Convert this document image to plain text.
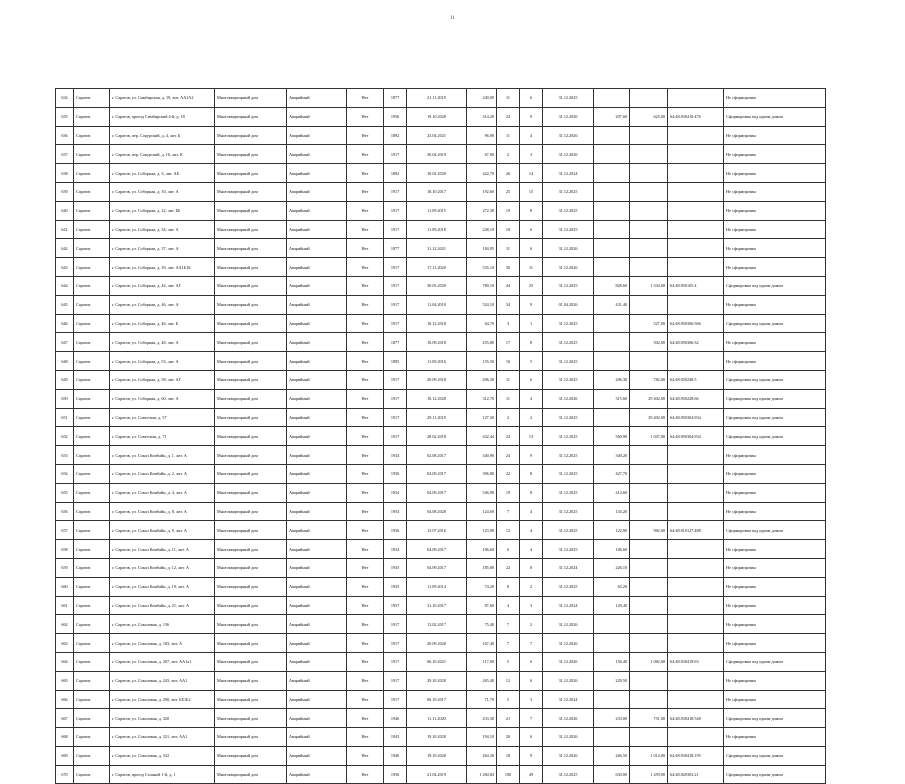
11
634	Саратов	г. Саратов, ул. Симбирская, д. 19, лит. АА1А2	Многоквартирный дом	Аварийный	Нет	1877	21.11.2019	240,00	11	6	31.12.2025				Не сформирован
635	Саратов	г. Саратов, проезд Симбирский 4-й, д. 18	Многоквартирный дом	Аварийный	Нет	1956	19.10.2020	314,20	24	9	31.12.2026	207,60	625,00	64:48:030410:476	Сформирован под одним домом
636	Саратов	г. Саратов, пер. Сокурский, д. 4, лит. Б	Многоквартирный дом	Аварийный	Нет	1892	23.04.2021	96,90	11	4	31.12.2026				Не сформирован
637	Саратов	г. Саратов, пер. Сокурский, д. 16, лит. К	Многоквартирный дом	Аварийный	Нет	1917	30.04.2019	67,00	2	3	31.12.2026				Не сформирован
638	Саратов	г. Саратов, ул. Соборная, д. 3, лит. АБ	Многоквартирный дом	Аварийный	Нет	1892	10.02.2020	422,70	26	14	31.12.2024				Не сформирован
639	Саратов	г. Саратов, ул. Соборная, д. 10, лит. А	Многоквартирный дом	Аварийный	Нет	1917	18.10.2017	192,60	25	15	31.12.2025				Не сформирован
640	Саратов	г. Саратов, ул. Соборная, д. 22, лит. ББ	Многоквартирный дом	Аварийный	Нет	1917	11.09.2015	272,30	19	8	31.12.2025				Не сформирован
641	Саратов	г. Саратов, ул. Соборная, д. 34, лит. А	Многоквартирный дом	Аварийный	Нет	1917	11.09.2018	248,10	18	6	31.12.2025				Не сформирован
642	Саратов	г. Саратов, ул. Соборная, д. 37, лит. А	Многоквартирный дом	Аварийный	Нет	1877	31.12.2021	184,95	11	6	31.12.2026				Не сформирован
643	Саратов	г. Саратов, ул. Соборная, д. 39, лит. АА1Б1Б	Многоквартирный дом	Аварийный	Нет	1917	17.11.2020	535,10	30	11	31.12.2026				Не сформирован
644	Саратов	г. Саратов, ул. Соборная, д. 44, лит. АГ	Многоквартирный дом	Аварийный	Нет	1917	30.05.2020	780,10	44	25	31.12.2025	828,60	1 334,00	64:48:050105:4	Сформирован под одним домом
645	Саратов	г. Саратов, ул. Соборная, д. 46, лит. А	Многоквартирный дом	Аварийный	Нет	1917	11.04.2018	524,10	34	9	01.04.2026	431,40			Не сформирован
646	Саратов	г. Саратов, ул. Соборная, д. 46, лит. Б	Многоквартирный дом	Аварийный	Нет	1917	10.12.2018	64,70	3	1	31.12.2025		527,00	64:48:050306:566	Сформирован под одним домом
647	Саратов	г. Саратов, ул. Соборная, д. 48, лит. А	Многоквартирный дом	Аварийный	Нет	1877	10.09.2018	255,80	17	8	31.12.2025		502,00	64:48:050306:32	Не сформирован
648	Саратов	г. Саратов, ул. Соборная, д. 53, лит. А	Многоквартирный дом	Аварийный	Нет	1895	11.09.2016	155,50	16	5	31.12.2025				Не сформирован
649	Саратов	г. Саратов, ул. Соборная, д. 58, лит. АГ	Многоквартирный дом	Аварийный	Нет	1917	20.09.2018	206,30	11	6	31.12.2025	206,30	782,00	64:48:050248:5	Сформирован под одним домом
650	Саратов	г. Саратов, ул. Соборная, д. 60, лит. А	Многоквартирный дом	Аварийный	Нет	1917	10.12.2020	312,70	11	4	31.12.2026	315,60	29 402,00	64:48:050228:66	Сформирован под одним домом
651	Саратов	г. Саратов, ул. Советская, д. 57	Многоквартирный дом	Аварийный	Нет	1917	29.11.2019	127,30	2	2	31.12.2025		29 402,00	64:48:050304:934	Сформирован под одним домом
652	Саратов	г. Саратов, ул. Советская, д. 71	Многоквартирный дом	Аварийный	Нет	1917	28.02.2018	432,44	24	13	31.12.2025	560,90	1 047,00	64:48:050304:934	Сформирован под одним домом
653	Саратов	г. Саратов, ул. Сокол Комбайн, д. 1, лит. А	Многоквартирный дом	Аварийный	Нет	1934	02.08.2017	340,90	24	9	31.12.2025	340,20			Не сформирован
654	Саратов	г. Саратов, ул. Сокол Комбайн, д. 2, лит. А	Многоквартирный дом	Аварийный	Нет	1936	04.09.2017	396,80	22	8	31.12.2025	427,70			Не сформирован
655	Саратов	г. Саратов, ул. Сокол Комбайн, д. 4, лит. А	Многоквартирный дом	Аварийный	Нет	1934	04.09.2017	546,90	19	8	31.12.2025	414,60			Не сформирован
656	Саратов	г. Саратов, ул. Сокол Комбайн, д. 8, лит. А	Многоквартирный дом	Аварийный	Нет	1954	04.08.2020	124,60	7	4	31.12.2025	143,20			Не сформирован
657	Саратов	г. Саратов, ул. Сокол Комбайн, д. 9, лит. А	Многоквартирный дом	Аварийный	Нет	1936	13.07.2016	123,90	12	4	31.12.2025	122,90	982,00	64:48:010127:488	Сформирован под одним домом
658	Саратов	г. Саратов, ул. Сокол Комбайн, д. 11, лит. А	Многоквартирный дом	Аварийный	Нет	1934	04.09.2017	106,60	6	4	31.12.2025	106,60			Не сформирован
659	Саратов	г. Саратов, ул. Сокол Комбайн, д. 12, лит. А	Многоквартирный дом	Аварийный	Нет	1935	04.09.2017	185,80	22	8	31.12.2024	226,10			Не сформирован
660	Саратов	г. Саратов, ул. Сокол Комбайн, д. 19, лит. А	Многоквартирный дом	Аварийный	Нет	1935	11.09.2014	74,20	8	2	31.12.2025	65,20			Не сформирован
661	Саратов	г. Саратов, ул. Сокол Комбайн, д. 21, лит. А	Многоквартирный дом	Аварийный	Нет	1937	31.10.2017	87,60	4	3	31.12.2024	129,40			Не сформирован
662	Саратов	г. Саратов, ул. Соколовая, д. 136	Многоквартирный дом	Аварийный	Нет	1917	13.02.2017	75,40	7	2	31.12.2026				Не сформирован
663	Саратов	г. Саратов, ул. Соколовая, д. 183, лит. А	Многоквартирный дом	Аварийный	Нет	1917	20.09.2020	167,40	7	7	31.12.2026				Не сформирован
664	Саратов	г. Саратов, ул. Соколовая, д. 207, лит. АА1а1	Многоквартирный дом	Аварийный	Нет	1917	06.10.2021	117,00	5	6	31.12.2026	156,40	1 082,00	64:48:030419:63	Сформирован под одним домом
665	Саратов	г. Саратов, ул. Соколовая, д. 243, лит. АА1	Многоквартирный дом	Аварийный	Нет	1917	29.10.2020	265,40	12	6	31.12.2026	229,50			Не сформирован
666	Саратов	г. Саратов, ул. Соколовая, д. 290, лит. ББ1Б2	Многоквартирный дом	Аварийный	Нет	1917	06.10.2017	71,70	5	3	31.12.2024				Не сформирован
667	Саратов	г. Саратов, ул. Соколовая, д. 320	Многоквартирный дом	Аварийный	Нет	1946	11.11.2020	233,30	21	7	31.12.2026	233,00	751,00	64:48:030418:548	Сформирован под одним домом
668	Саратов	г. Саратов, ул. Соколовая, д. 321, лит. АА1	Многоквартирный дом	Аварийный	Нет	1943	19.10.2020	194,10	20	6	31.12.2026				Не сформирован
669	Саратов	г. Саратов, ул. Соколовая, д. 332	Многоквартирный дом	Аварийный	Нет	1946	19.10.2020	264,30	18	9	31.12.2026	266,50	1 014,00	64:48:030418:195	Сформирован под одним домом
670	Саратов	г. Саратов, проезд Соляной 1-й, д. 1	Многоквартирный дом	Аварийный	Нет	1936	21.04.2019	1 260,84	100	49	31.12.2025	630,00	1 459,00	64:48:020303:21	Сформирован под одним домом
